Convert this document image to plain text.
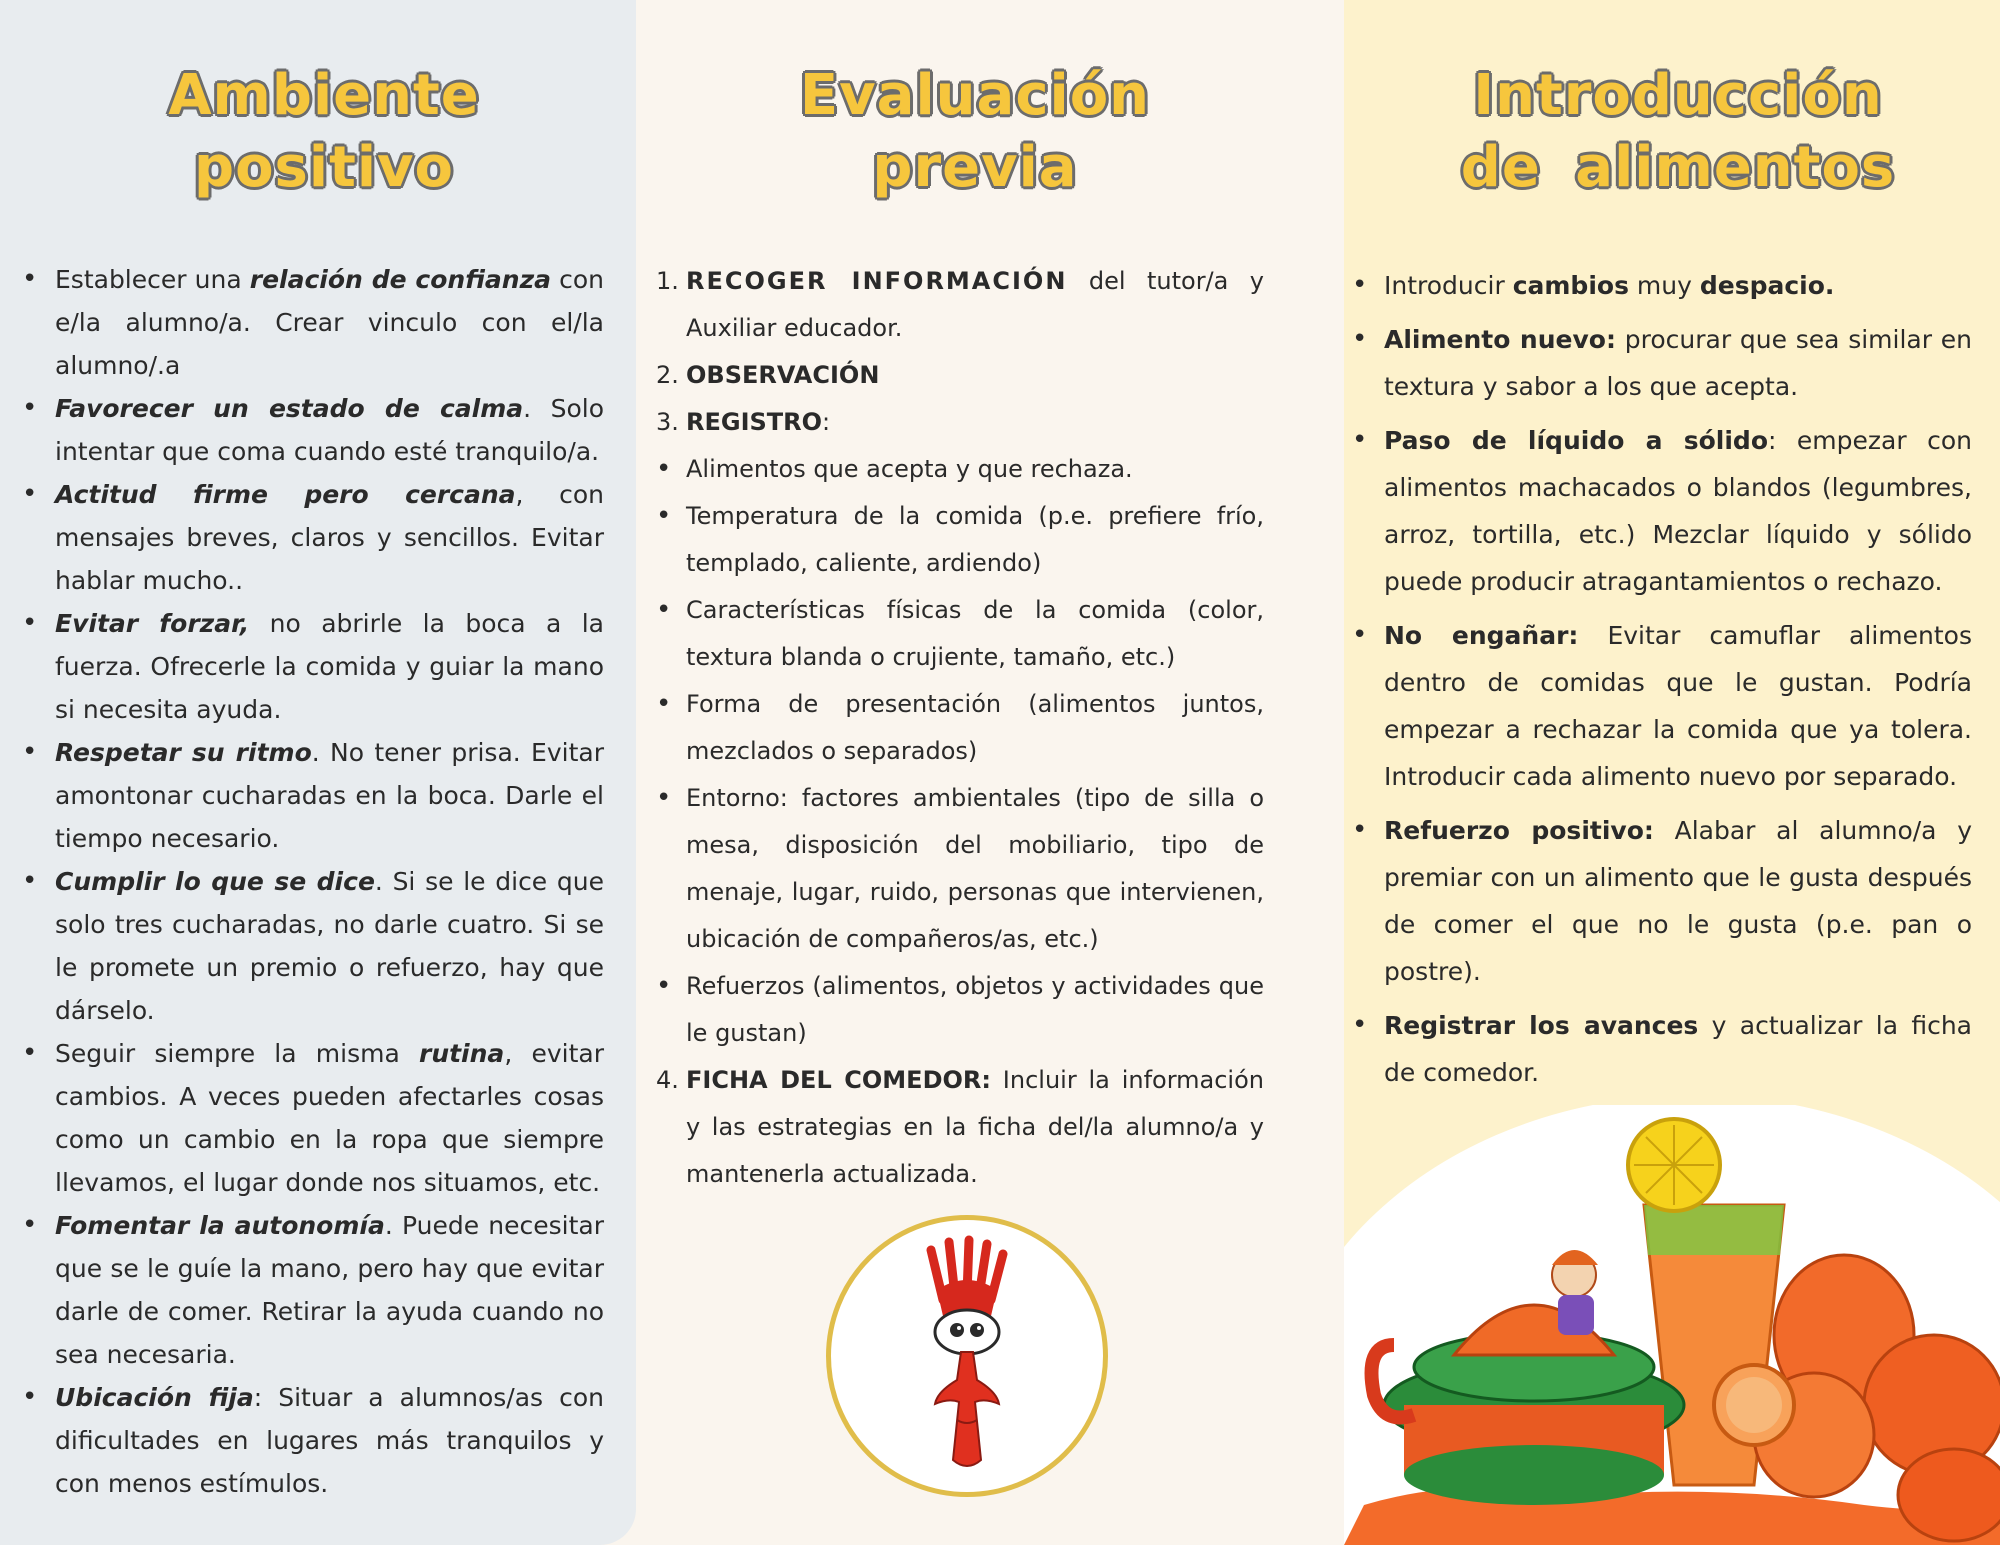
Ambiente positivo
• Establecer una relación de confianza con e/la alumno/a. Crear vinculo con el/la alumno/.a
• Favorecer un estado de calma. Solo intentar que coma cuando esté tranquilo/a.
• Actitud firme pero cercana, con mensajes breves, claros y sencillos. Evitar hablar mucho..
• Evitar forzar, no abrirle la boca a la fuerza. Ofrecerle la comida y guiar la mano si necesita ayuda.
• Respetar su ritmo. No tener prisa. Evitar amontonar cucharadas en la boca. Darle el tiempo necesario.
• Cumplir lo que se dice. Si se le dice que solo tres cucharadas, no darle cuatro. Si se le promete un premio o refuerzo, hay que dárselo.
• Seguir siempre la misma rutina, evitar cambios. A veces pueden afectarles cosas como un cambio en la ropa que siempre llevamos, el lugar donde nos situamos, etc.
• Fomentar la autonomía. Puede necesitar que se le guíe la mano, pero hay que evitar darle de comer. Retirar la ayuda cuando no sea necesaria.
• Ubicación fija: Situar a alumnos/as con dificultades en lugares más tranquilos y con menos estímulos.
Evaluación previa
1. RECOGER INFORMACIÓN del tutor/a y Auxiliar educador.
2. OBSERVACIÓN
3. REGISTRO:
• Alimentos que acepta y que rechaza.
• Temperatura de la comida (p.e. prefiere frío, templado, caliente, ardiendo)
• Características físicas de la comida (color, textura blanda o crujiente, tamaño, etc.)
• Forma de presentación (alimentos juntos, mezclados o separados)
• Entorno: factores ambientales (tipo de silla o mesa, disposición del mobiliario, tipo de menaje, lugar, ruido, personas que intervienen, ubicación de compañeros/as, etc.)
• Refuerzos (alimentos, objetos y actividades que le gustan)
4. FICHA DEL COMEDOR: Incluir la información y las estrategias en la ficha del/la alumno/a y mantenerla actualizada.
Introducción de alimentos
• Introducir cambios muy despacio.
• Alimento nuevo: procurar que sea similar en textura y sabor a los que acepta.
• Paso de líquido a sólido: empezar con alimentos machacados o blandos (legumbres, arroz, tortilla, etc.) Mezclar líquido y sólido puede producir atragantamientos o rechazo.
• No engañar: Evitar camuflar alimentos dentro de comidas que le gustan. Podría empezar a rechazar la comida que ya tolera. Introducir cada alimento nuevo por separado.
• Refuerzo positivo: Alabar al alumno/a y premiar con un alimento que le gusta después de comer el que no le gusta (p.e. pan o postre).
• Registrar los avances y actualizar la ficha de comedor.
